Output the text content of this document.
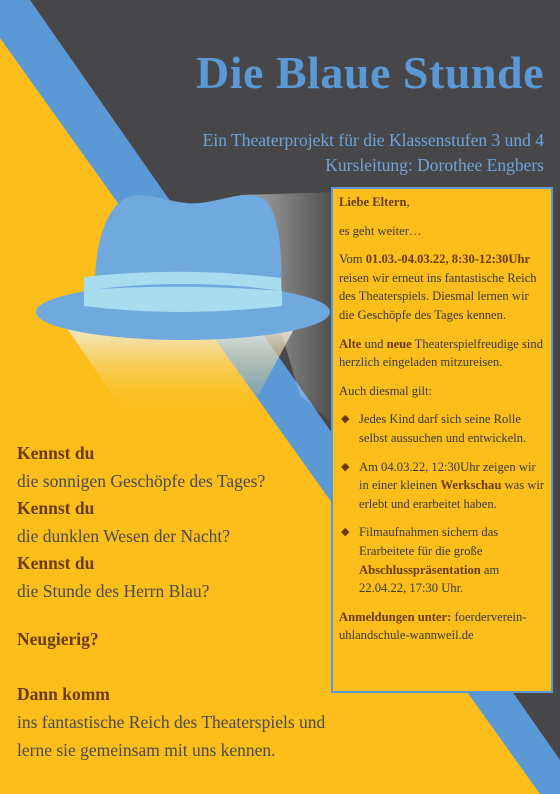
Die Blaue Stunde
Ein Theaterprojekt für die Klassenstufen 3 und 4
Kursleitung: Dorothee Engbers

Liebe Eltern,

es geht weiter…

Vom 01.03.-04.03.22, 8:30-12:30Uhr reisen wir erneut ins fantastische Reich des Theaterspiels. Diesmal lernen wir die Geschöpfe des Tages kennen.

Alte und neue Theaterspielfreudige sind herzlich eingeladen mitzureisen.

Auch diesmal gilt:

◆ Jedes Kind darf sich seine Rolle selbst aussuchen und entwickeln.
◆ Am 04.03.22, 12:30Uhr zeigen wir in einer kleinen Werkschau was wir erlebt und erarbeitet haben.
◆ Filmaufnahmen sichern das Erarbeitete für die große Abschlusspräsentation am 22.04.22, 17:30 Uhr.

Anmeldungen unter: foerderverein-uhlandschule-wannweil.de

Kennst du
die sonnigen Geschöpfe des Tages?
Kennst du
die dunklen Wesen der Nacht?
Kennst du
die Stunde des Herrn Blau?
Neugierig?
Dann komm
ins fantastische Reich des Theaterspiels und
lerne sie gemeinsam mit uns kennen.
